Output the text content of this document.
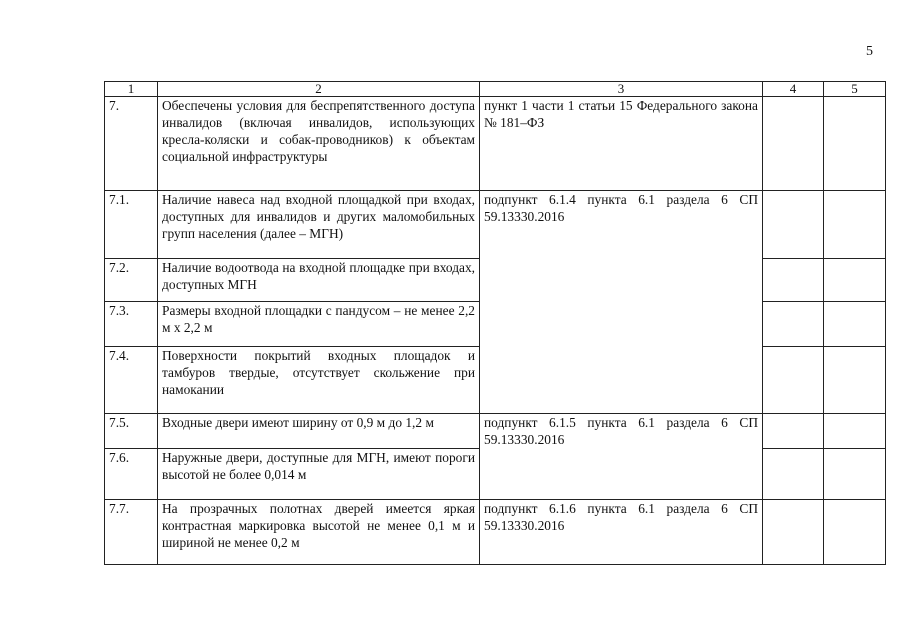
5
1	2	3	4	5
7.	Обеспечены условия для беспрепятственного доступа инвалидов (включая инвалидов, использующих кресла-коляски и собак-проводников) к объектам социальной инфраструктуры	пункт 1 части 1 статьи 15 Федерального закона № 181–ФЗ		
7.1.	Наличие навеса над входной площадкой при входах, доступных для инвалидов и других маломобильных групп населения (далее – МГН)	подпункт 6.1.4 пункта 6.1 раздела 6 СП 59.13330.2016		
7.2.	Наличие водоотвода на входной площадке при входах, доступных МГН			
7.3.	Размеры входной площадки с пандусом – не менее 2,2 м х 2,2 м			
7.4.	Поверхности покрытий входных площадок и тамбуров твердые, отсутствует скольжение при намокании			
7.5.	Входные двери имеют ширину от 0,9 м до 1,2 м	подпункт 6.1.5 пункта 6.1 раздела 6 СП 59.13330.2016		
7.6.	Наружные двери, доступные для МГН, имеют пороги высотой не более 0,014 м			
7.7.	На прозрачных полотнах дверей имеется яркая контрастная маркировка высотой не менее 0,1 м и шириной не менее 0,2 м	подпункт 6.1.6 пункта 6.1 раздела 6 СП 59.13330.2016		
